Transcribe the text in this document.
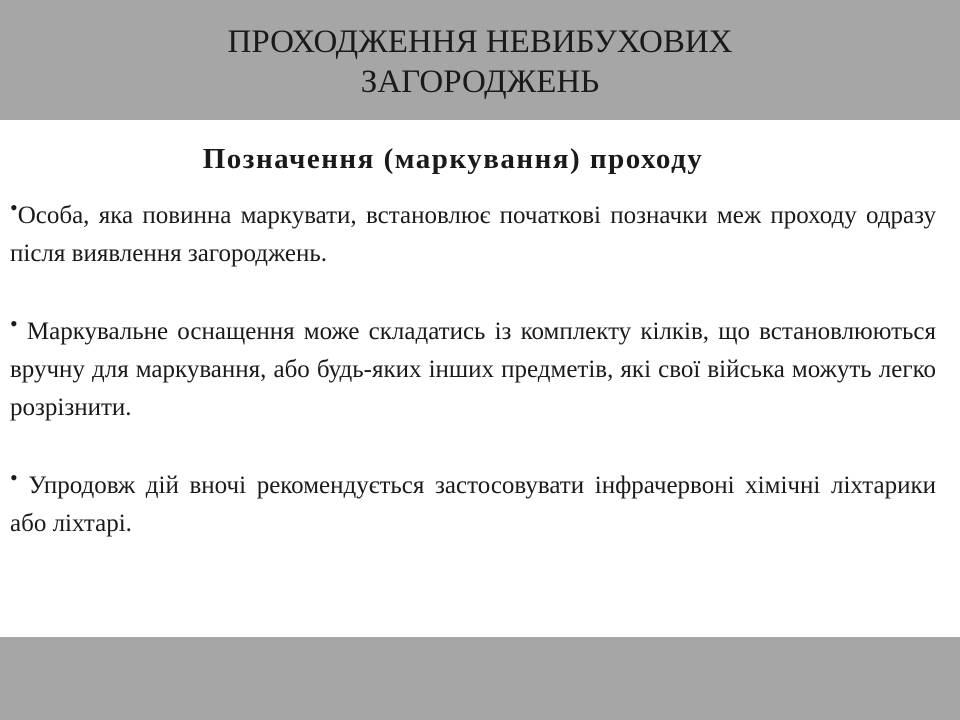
ПРОХОДЖЕННЯ НЕВИБУХОВИХ
ЗАГОРОДЖЕНЬ
Позначення (маркування) проходу
•Особа, яка повинна маркувати, встановлює початкові позначки меж проходу одразу після виявлення загороджень.
• Маркувальне оснащення може складатись із комплекту кілків, що встановлюються вручну для маркування, або будь-яких інших предметів, які свої війська можуть легко розрізнити.
• Упродовж дій вночі рекомендується застосовувати інфрачервоні хімічні ліхтарики або ліхтарі.
